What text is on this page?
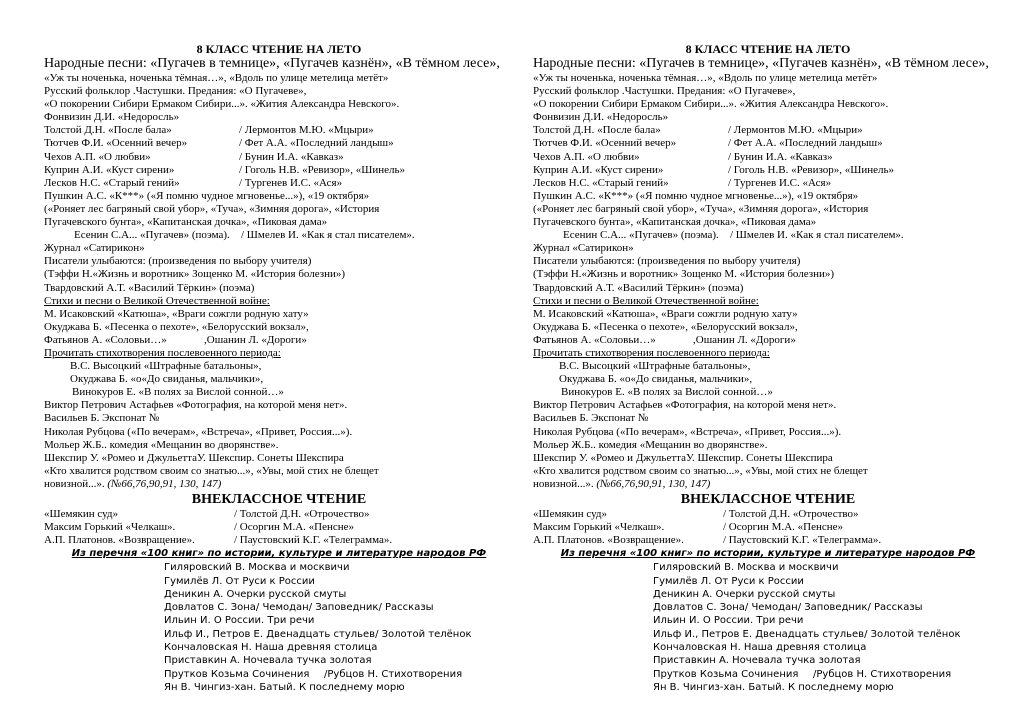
8 КЛАСС ЧТЕНИЕ НА ЛЕТО
Народные песни: «Пугачев в темнице», «Пугачев казнён», «В тёмном лесе»,
«Уж ты ноченька, ноченька тёмная…», «Вдоль по улице метелица метёт»
Русский фольклор .Частушки. Предания: «О Пугачеве»,
«О покорении Сибири Ермаком Сибири...». «Жития Александра Невского».
Фонвизин Д.И. «Недоросль»
Толстой Д.Н. «После бала»	/ Лермонтов М.Ю. «Мцыри»
Тютчев Ф.И. «Осенний вечер»	/ Фет А.А. «Последний ландыш»
Чехов А.П. «О любви»	/ Бунин И.А. «Кавказ»
Куприн А.И. «Куст сирени»	/ Гоголь Н.В. «Ревизор», «Шинель»
Лесков Н.С. «Старый гений»	/ Тургенев И.С. «Ася»
Пушкин А.С. «К***» («Я помню чудное мгновенье...»), «19 октября»
(«Роняет лес багряный свой убор», «Туча», «Зимняя дорога», «История
Пугачевского бунта», «Капитанская дочка», «Пиковая дама»
Есенин С.А... «Пугачев» (поэма). / Шмелев И. «Как я стал писателем».
Журнал «Сатирикон»
Писатели улыбаются: (произведения по выбору учителя)
(Тэффи Н.«Жизнь и воротник» Зощенко М. «История болезни»)
Твардовский А.Т. «Василий Тёркин» (поэма)
Стихи и песни о Великой Отечественной войне:
М. Исаковский «Катюша», «Враги сожгли родную хату»
Окуджава Б. «Песенка о пехоте», «Белорусский вокзал»,
Фатьянов А. «Соловьи…»	,Ошанин Л. «Дороги»
Прочитать стихотворения послевоенного периода:
В.С. Высоцкий «Штрафные батальоны»,
Окуджава Б. «о«До свиданья, мальчики»,
Винокуров Е. «В полях за Вислой сонной…»
Виктор Петрович Астафьев «Фотография, на которой меня нет».
Васильев Б. Экспонат №
Николая Рубцова («По вечерам», «Встреча», «Привет, Россия...»).
Мольер Ж.Б.. комедия «Мещанин во дворянстве».
Шекспир У. «Ромео и ДжульеттаУ. Шекспир. Сонеты Шекспира
«Кто хвалится родством своим со знатью...», «Увы, мой стих не блещет
новизной...». (№66,76,90,91, 130, 147)
ВНЕКЛАССНОЕ ЧТЕНИЕ
«Шемякин суд»	/ Толстой Д.Н. «Отрочество»
Максим Горький «Челкаш».	/ Осоргин М.А. «Пенсне»
А.П. Платонов. «Возвращение».	/ Паустовский К.Г. «Телеграмма».
Из перечня «100 книг» по истории, культуре и литературе народов РФ
Гиляровский В. Москва и москвичи
Гумилёв Л. От Руси к России
Деникин А. Очерки русской смуты
Довлатов С. Зона/ Чемодан/ Заповедник/ Рассказы
Ильин И. О России. Три речи
Ильф И., Петров Е. Двенадцать стульев/ Золотой телёнок
Кончаловская Н. Наша древняя столица
Приставкин А. Ночевала тучка золотая
Прутков Козьма Сочинения /Рубцов Н. Стихотворения
Ян В. Чингиз-хан. Батый. К последнему морю
8 КЛАСС ЧТЕНИЕ НА ЛЕТО
Народные песни: «Пугачев в темнице», «Пугачев казнён», «В тёмном лесе»,
«Уж ты ноченька, ноченька тёмная…», «Вдоль по улице метелица метёт»
Русский фольклор .Частушки. Предания: «О Пугачеве»,
«О покорении Сибири Ермаком Сибири...». «Жития Александра Невского».
Фонвизин Д.И. «Недоросль»
Толстой Д.Н. «После бала»	/ Лермонтов М.Ю. «Мцыри»
Тютчев Ф.И. «Осенний вечер»	/ Фет А.А. «Последний ландыш»
Чехов А.П. «О любви»	/ Бунин И.А. «Кавказ»
Куприн А.И. «Куст сирени»	/ Гоголь Н.В. «Ревизор», «Шинель»
Лесков Н.С. «Старый гений»	/ Тургенев И.С. «Ася»
Пушкин А.С. «К***» («Я помню чудное мгновенье...»), «19 октября»
(«Роняет лес багряный свой убор», «Туча», «Зимняя дорога», «История
Пугачевского бунта», «Капитанская дочка», «Пиковая дама»
Есенин С.А... «Пугачев» (поэма). / Шмелев И. «Как я стал писателем».
Журнал «Сатирикон»
Писатели улыбаются: (произведения по выбору учителя)
(Тэффи Н.«Жизнь и воротник» Зощенко М. «История болезни»)
Твардовский А.Т. «Василий Тёркин» (поэма)
Стихи и песни о Великой Отечественной войне:
М. Исаковский «Катюша», «Враги сожгли родную хату»
Окуджава Б. «Песенка о пехоте», «Белорусский вокзал»,
Фатьянов А. «Соловьи…»	,Ошанин Л. «Дороги»
Прочитать стихотворения послевоенного периода:
В.С. Высоцкий «Штрафные батальоны»,
Окуджава Б. «о«До свиданья, мальчики»,
Винокуров Е. «В полях за Вислой сонной…»
Виктор Петрович Астафьев «Фотография, на которой меня нет».
Васильев Б. Экспонат №
Николая Рубцова («По вечерам», «Встреча», «Привет, Россия...»).
Мольер Ж.Б.. комедия «Мещанин во дворянстве».
Шекспир У. «Ромео и ДжульеттаУ. Шекспир. Сонеты Шекспира
«Кто хвалится родством своим со знатью...», «Увы, мой стих не блещет
новизной...». (№66,76,90,91, 130, 147)
ВНЕКЛАССНОЕ ЧТЕНИЕ
«Шемякин суд»	/ Толстой Д.Н. «Отрочество»
Максим Горький «Челкаш».	/ Осоргин М.А. «Пенсне»
А.П. Платонов. «Возвращение».	/ Паустовский К.Г. «Телеграмма».
Из перечня «100 книг» по истории, культуре и литературе народов РФ
Гиляровский В. Москва и москвичи
Гумилёв Л. От Руси к России
Деникин А. Очерки русской смуты
Довлатов С. Зона/ Чемодан/ Заповедник/ Рассказы
Ильин И. О России. Три речи
Ильф И., Петров Е. Двенадцать стульев/ Золотой телёнок
Кончаловская Н. Наша древняя столица
Приставкин А. Ночевала тучка золотая
Прутков Козьма Сочинения /Рубцов Н. Стихотворения
Ян В. Чингиз-хан. Батый. К последнему морю
